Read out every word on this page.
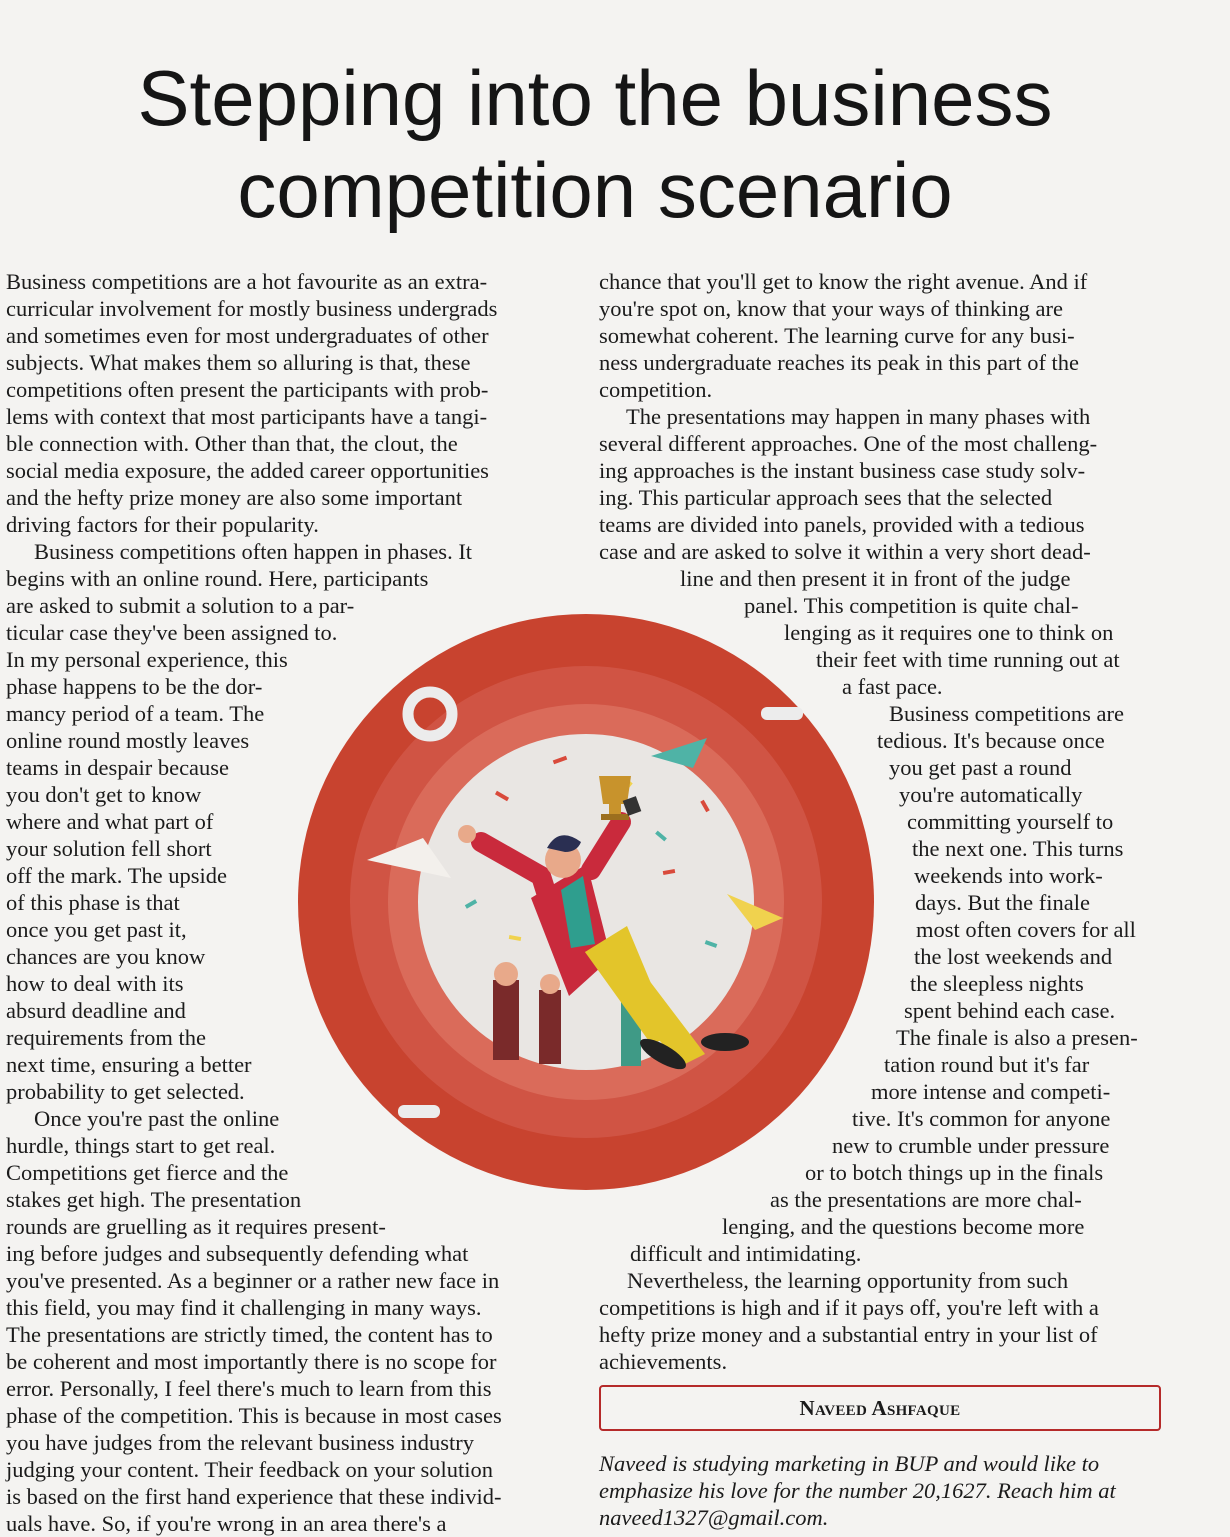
Stepping into the business
competition scenario
Business competitions are a hot favourite as an extra-
curricular involvement for mostly business undergrads
and sometimes even for most undergraduates of other
subjects. What makes them so alluring is that, these
competitions often present the participants with prob-
lems with context that most participants have a tangi-
ble connection with. Other than that, the clout, the
social media exposure, the added career opportunities
and the hefty prize money are also some important
driving factors for their popularity.
Business competitions often happen in phases. It
begins with an online round. Here, participants
are asked to submit a solution to a par-
ticular case they've been assigned to.
In my personal experience, this
phase happens to be the dor-
mancy period of a team. The
online round mostly leaves
teams in despair because
you don't get to know
where and what part of
your solution fell short
off the mark. The upside
of this phase is that
once you get past it,
chances are you know
how to deal with its
absurd deadline and
requirements from the
next time, ensuring a better
probability to get selected.
Once you're past the online
hurdle, things start to get real.
Competitions get fierce and the
stakes get high. The presentation
rounds are gruelling as it requires present-
ing before judges and subsequently defending what
you've presented. As a beginner or a rather new face in
this field, you may find it challenging in many ways.
The presentations are strictly timed, the content has to
be coherent and most importantly there is no scope for
error. Personally, I feel there's much to learn from this
phase of the competition. This is because in most cases
you have judges from the relevant business industry
judging your content. Their feedback on your solution
is based on the first hand experience that these individ-
uals have. So, if you're wrong in an area there's a
chance that you'll get to know the right avenue. And if
you're spot on, know that your ways of thinking are
somewhat coherent. The learning curve for any busi-
ness undergraduate reaches its peak in this part of the
competition.
The presentations may happen in many phases with
several different approaches. One of the most challeng-
ing approaches is the instant business case study solv-
ing. This particular approach sees that the selected
teams are divided into panels, provided with a tedious
case and are asked to solve it within a very short dead-
line and then present it in front of the judge
panel. This competition is quite chal-
lenging as it requires one to think on
their feet with time running out at
a fast pace.
Business competitions are
tedious. It's because once
you get past a round
you're automatically
committing yourself to
the next one. This turns
weekends into work-
days. But the finale
most often covers for all
the lost weekends and
the sleepless nights
spent behind each case.
The finale is also a presen-
tation round but it's far
more intense and competi-
tive. It's common for anyone
new to crumble under pressure
or to botch things up in the finals
as the presentations are more chal-
lenging, and the questions become more
difficult and intimidating.
Nevertheless, the learning opportunity from such
competitions is high and if it pays off, you're left with a
hefty prize money and a substantial entry in your list of
achievements.
Naveed Ashfaque
Naveed is studying marketing in BUP and would like to
emphasize his love for the number 20,1627. Reach him at
naveed1327@gmail.com.
